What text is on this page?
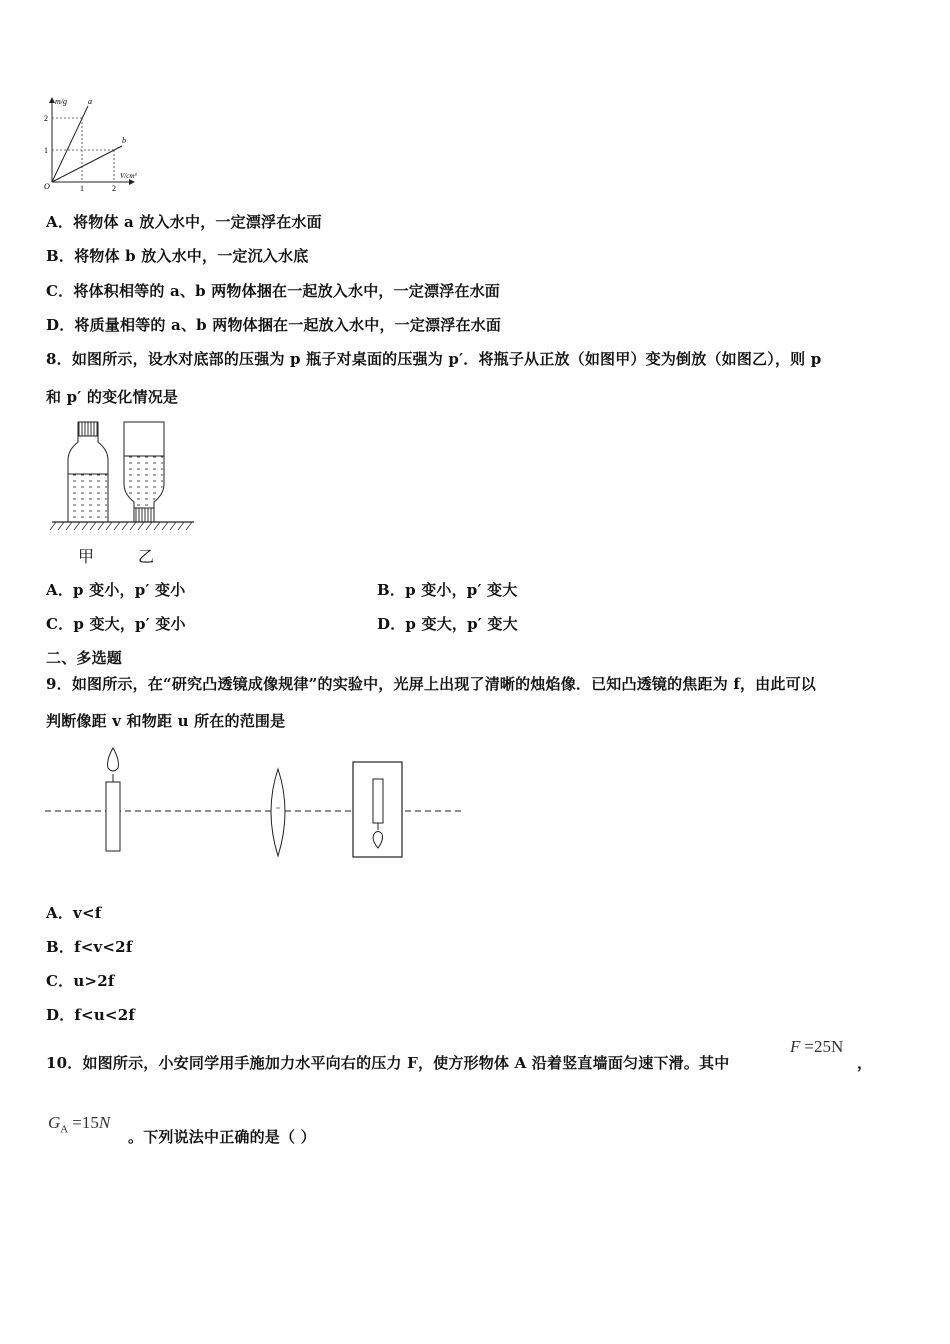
m/g	a
b
2
1
O	1	2
V/cm³
A．将物体 a 放入水中，一定漂浮在水面
B．将物体 b 放入水中，一定沉入水底
C．将体积相等的 a、b 两物体捆在一起放入水中，一定漂浮在水面
D．将质量相等的 a、b 两物体捆在一起放入水中，一定漂浮在水面
8．如图所示，设水对底部的压强为 p 瓶子对桌面的压强为 p′．将瓶子从正放（如图甲）变为倒放（如图乙），则 p
和 p′ 的变化情况是
甲	乙
A．p 变小，p′ 变小	B．p 变小，p′ 变大
C．p 变大，p′ 变小	D．p 变大，p′ 变大
二、多选题
9．如图所示，在“研究凸透镜成像规律”的实验中，光屏上出现了清晰的烛焰像．已知凸透镜的焦距为 f，由此可以
判断像距 v 和物距 u 所在的范围是
A．v<f
B．f<v<2f
C．u>2f
D．f<u<2f
10．如图所示，小安同学用手施加力水平向右的压力 F，使方形物体 A 沿着竖直墙面匀速下滑。其中
F =25N
，
$G_A =15N$
。下列说法中正确的是（ ）
